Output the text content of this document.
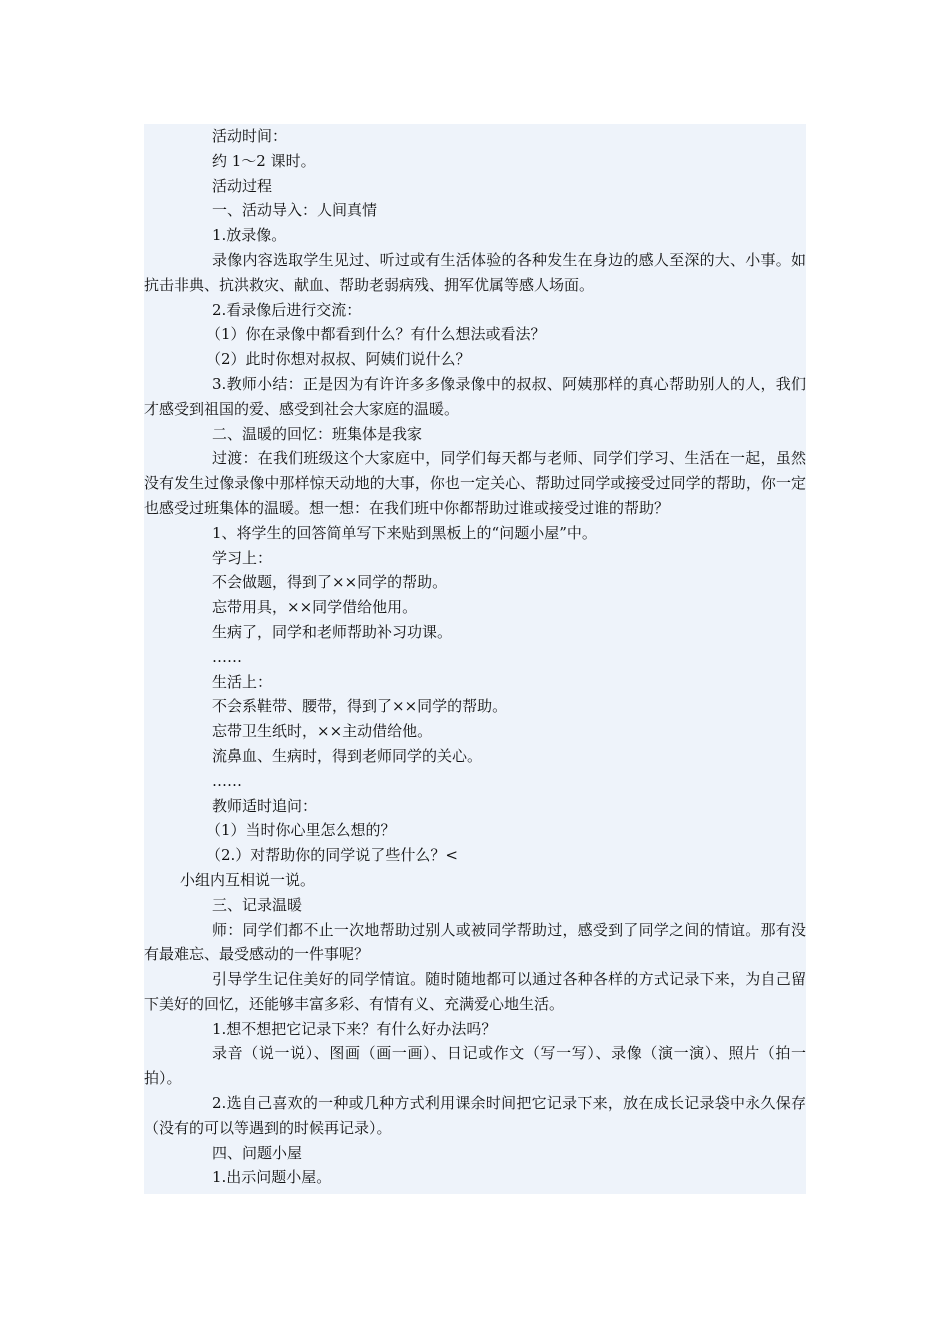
活动时间：

约 1～2 课时。

活动过程

一、活动导入：人间真情

1.放录像。

录像内容选取学生见过、听过或有生活体验的各种发生在身边的感人至深的大、小事。如抗击非典、抗洪救灾、献血、帮助老弱病残、拥军优属等感人场面。

2.看录像后进行交流：

（1）你在录像中都看到什么？有什么想法或看法？

（2）此时你想对叔叔、阿姨们说什么？

3.教师小结：正是因为有许许多多像录像中的叔叔、阿姨那样的真心帮助别人的人，我们才感受到祖国的爱、感受到社会大家庭的温暖。

二、温暖的回忆：班集体是我家

过渡：在我们班级这个大家庭中，同学们每天都与老师、同学们学习、生活在一起，虽然没有发生过像录像中那样惊天动地的大事，你也一定关心、帮助过同学或接受过同学的帮助，你一定也感受过班集体的温暖。想一想：在我们班中你都帮助过谁或接受过谁的帮助？

1、将学生的回答简单写下来贴到黑板上的“问题小屋”中。

学习上：

不会做题，得到了××同学的帮助。

忘带用具，××同学借给他用。

生病了，同学和老师帮助补习功课。

……

生活上：

不会系鞋带、腰带，得到了××同学的帮助。

忘带卫生纸时，××主动借给他。

流鼻血、生病时，得到老师同学的关心。

……

教师适时追问：

（1）当时你心里怎么想的？

（2.）对帮助你的同学说了些什么？<

小组内互相说一说。

三、记录温暖

师：同学们都不止一次地帮助过别人或被同学帮助过，感受到了同学之间的情谊。那有没有最难忘、最受感动的一件事呢？

引导学生记住美好的同学情谊。随时随地都可以通过各种各样的方式记录下来，为自己留下美好的回忆，还能够丰富多彩、有情有义、充满爱心地生活。

1.想不想把它记录下来？有什么好办法吗？

录音（说一说）、图画（画一画）、日记或作文（写一写）、录像（演一演）、照片（拍一拍）。

2.选自己喜欢的一种或几种方式利用课余时间把它记录下来，放在成长记录袋中永久保存（没有的可以等遇到的时候再记录）。

四、问题小屋

1.出示问题小屋。
